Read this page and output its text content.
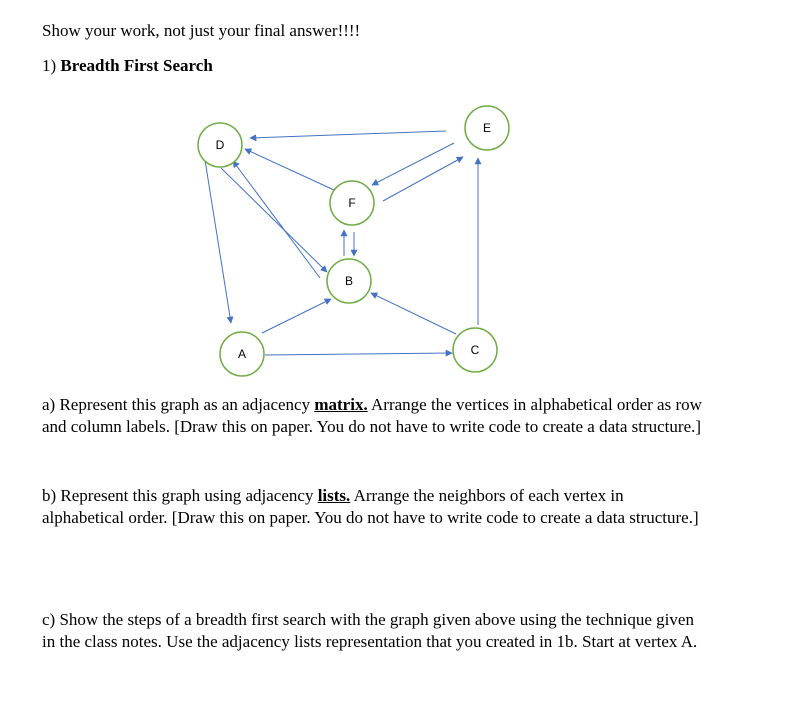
Show your work, not just your final answer!!!!
1) Breadth First Search
D
E
F
B
A	C

a) Represent this graph as an adjacency matrix. Arrange the vertices in alphabetical order as row

and column labels. [Draw this on paper. You do not have to write code to create a data structure.]

b) Represent this graph using adjacency lists. Arrange the neighbors of each vertex in

alphabetical order. [Draw this on paper. You do not have to write code to create a data structure.]

c) Show the steps of a breadth first search with the graph given above using the technique given

in the class notes. Use the adjacency lists representation that you created in 1b. Start at vertex A.
